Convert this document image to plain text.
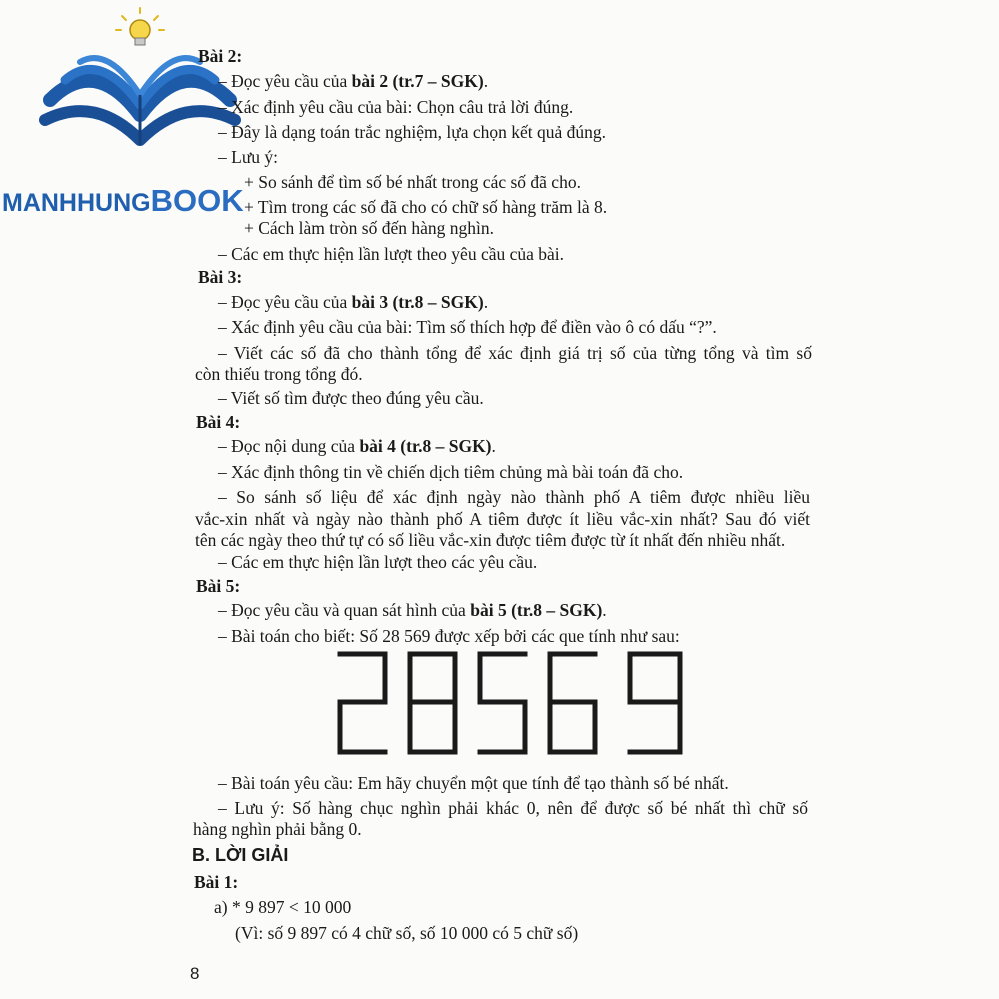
MANHHUNGBOOK
Bài 2:
– Đọc yêu cầu của bài 2 (tr.7 – SGK).
– Xác định yêu cầu của bài: Chọn câu trả lời đúng.
– Đây là dạng toán trắc nghiệm, lựa chọn kết quả đúng.
– Lưu ý:
+ So sánh để tìm số bé nhất trong các số đã cho.
+ Tìm trong các số đã cho có chữ số hàng trăm là 8.
+ Cách làm tròn số đến hàng nghìn.
– Các em thực hiện lần lượt theo yêu cầu của bài.
Bài 3:
– Đọc yêu cầu của bài 3 (tr.8 – SGK).
– Xác định yêu cầu của bài: Tìm số thích hợp để điền vào ô có dấu “?”.
– Viết các số đã cho thành tổng để xác định giá trị số của từng tổng và tìm số
còn thiếu trong tổng đó.
– Viết số tìm được theo đúng yêu cầu.
Bài 4:
– Đọc nội dung của bài 4 (tr.8 – SGK).
– Xác định thông tin về chiến dịch tiêm chủng mà bài toán đã cho.
– So sánh số liệu để xác định ngày nào thành phố A tiêm được nhiều liều
vắc-xin nhất và ngày nào thành phố A tiêm được ít liều vắc-xin nhất? Sau đó viết
tên các ngày theo thứ tự có số liều vắc-xin được tiêm được từ ít nhất đến nhiều nhất.
– Các em thực hiện lần lượt theo các yêu cầu.
Bài 5:
– Đọc yêu cầu và quan sát hình của bài 5 (tr.8 – SGK).
– Bài toán cho biết: Số 28 569 được xếp bởi các que tính như sau:
– Bài toán yêu cầu: Em hãy chuyển một que tính để tạo thành số bé nhất.
– Lưu ý: Số hàng chục nghìn phải khác 0, nên để được số bé nhất thì chữ số
hàng nghìn phải bằng 0.
B. LỜI GIẢI
Bài 1:
a) * 9 897 < 10 000
(Vì: số 9 897 có 4 chữ số, số 10 000 có 5 chữ số)
8
